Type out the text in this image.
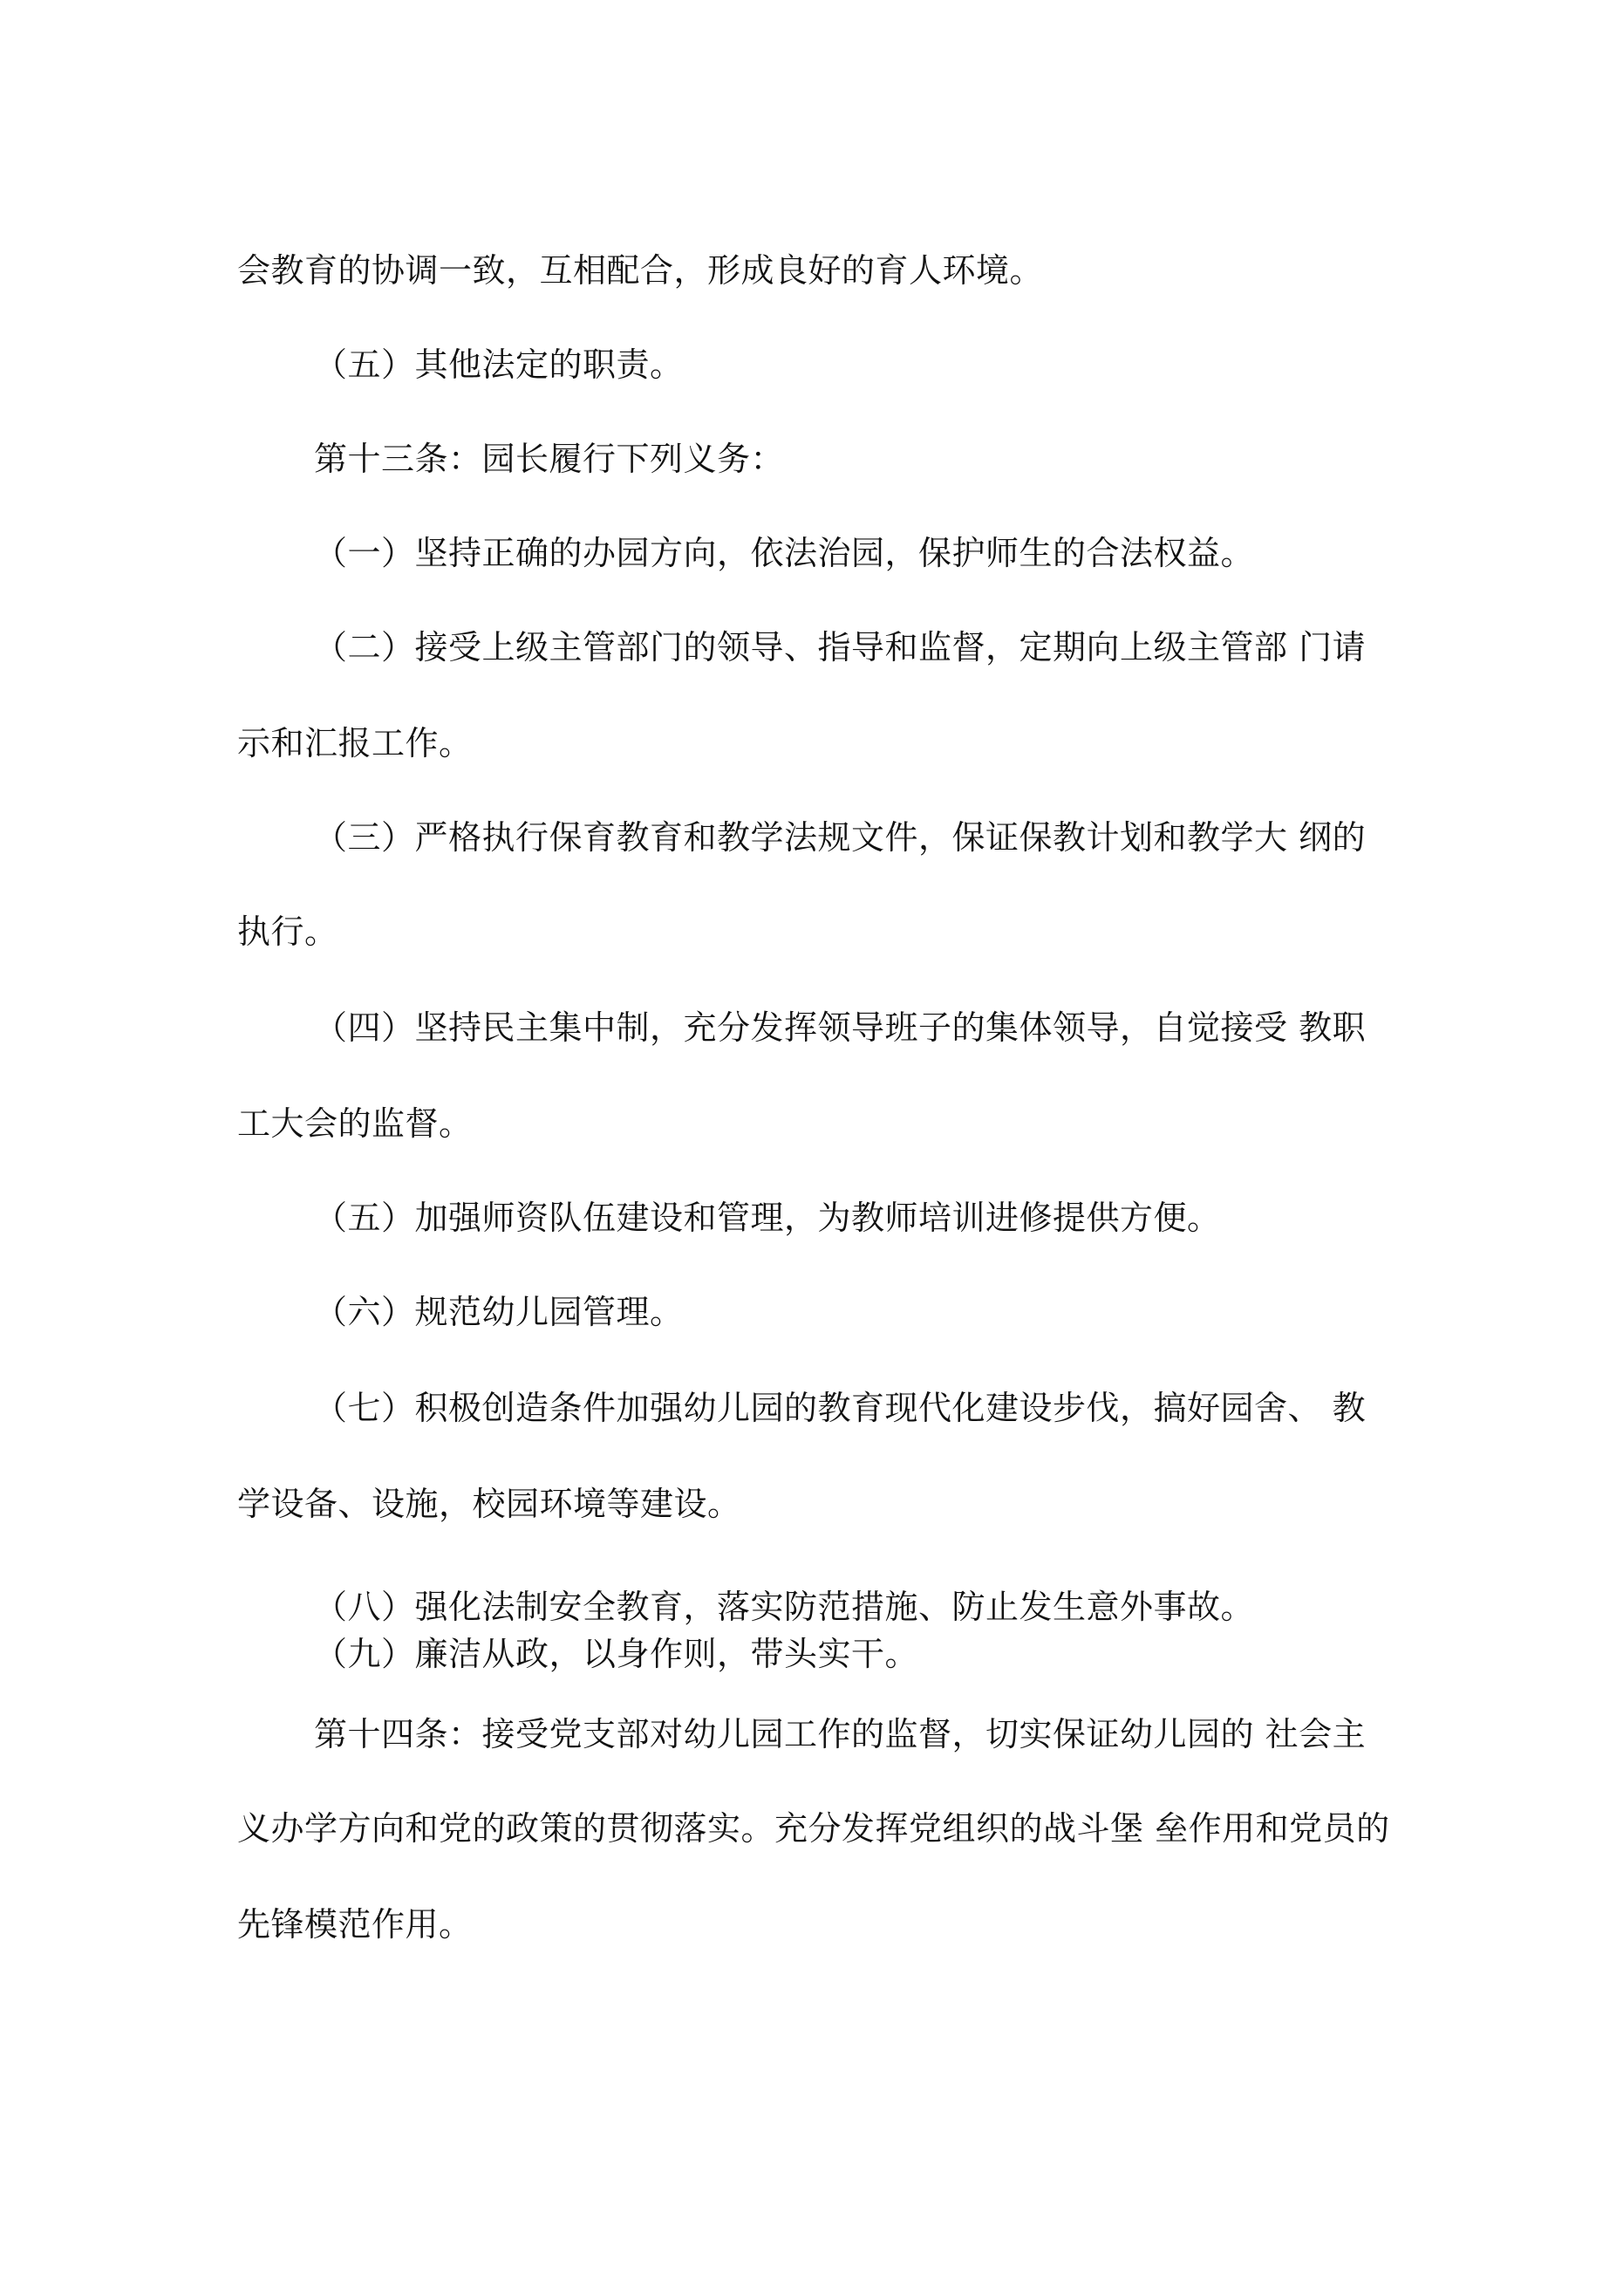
会教育的协调一致，互相配合，形成良好的育人环境。
（五）其他法定的职责。
第十三条：园长履行下列义务：
（一）坚持正确的办园方向，依法治园，保护师生的合法权益。
（二）接受上级主管部门的领导、指导和监督，定期向上级主管部 门请
示和汇报工作。
（三）严格执行保育教育和教学法规文件，保证保教计划和教学大 纲的
执行。
（四）坚持民主集中制，充分发挥领导班子的集体领导，自觉接受 教职
工大会的监督。
（五）加强师资队伍建设和管理，为教师培训进修提供方便。
（六）规范幼儿园管理。
（七）积极创造条件加强幼儿园的教育现代化建设步伐，搞好园舍、 教
学设备、设施，校园环境等建设。
（八）强化法制安全教育，落实防范措施、防止发生意外事故。
（九）廉洁从政，以身作则，带头实干。
第十四条：接受党支部对幼儿园工作的监督，切实保证幼儿园的 社会主
义办学方向和党的政策的贯彻落实。充分发挥党组织的战斗堡 垒作用和党员的
先锋模范作用。
